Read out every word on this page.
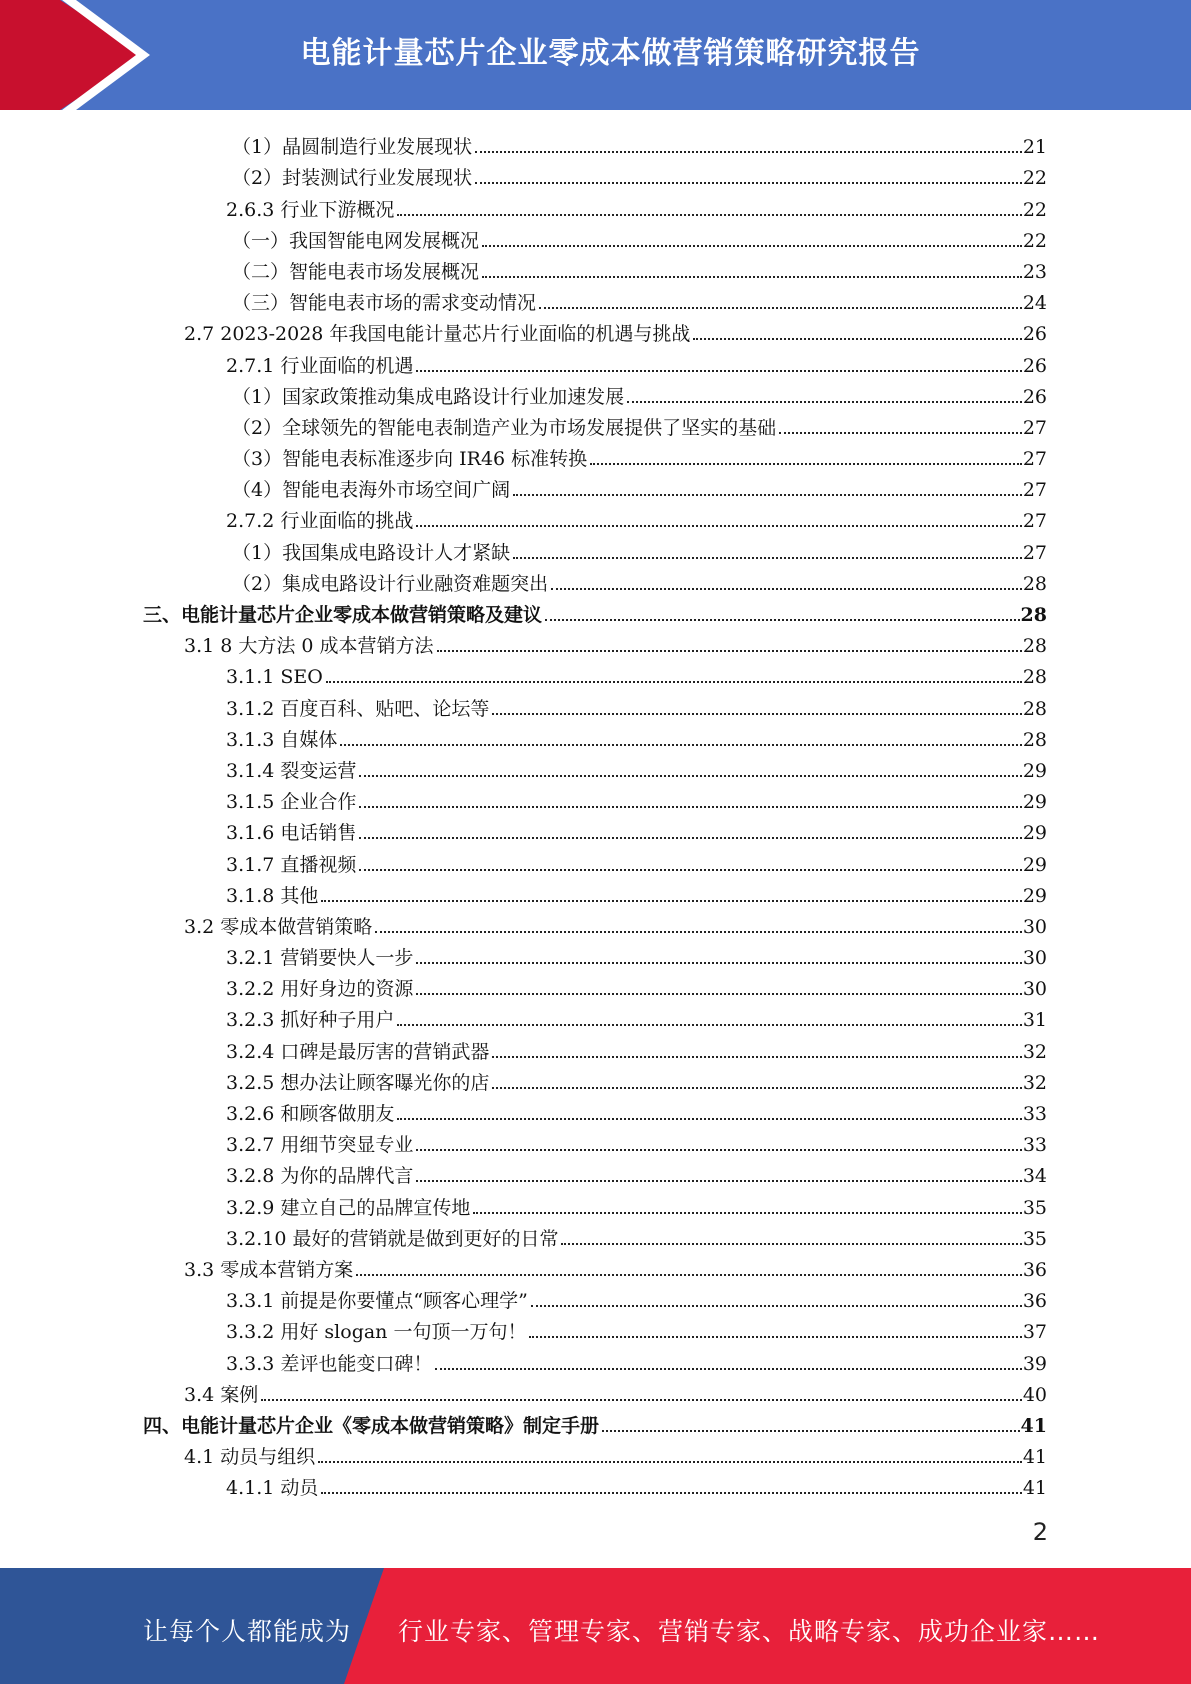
电能计量芯片企业零成本做营销策略研究报告
（1）晶圆制造行业发展现状	21
（2）封装测试行业发展现状	22
2.6.3 行业下游概况	22
（一）我国智能电网发展概况	22
（二）智能电表市场发展概况	23
（三）智能电表市场的需求变动情况	24
2.7 2023-2028 年我国电能计量芯片行业面临的机遇与挑战	26
2.7.1 行业面临的机遇	26
（1）国家政策推动集成电路设计行业加速发展	26
（2）全球领先的智能电表制造产业为市场发展提供了坚实的基础	27
（3）智能电表标准逐步向 IR46 标准转换	27
（4）智能电表海外市场空间广阔	27
2.7.2 行业面临的挑战	27
（1）我国集成电路设计人才紧缺	27
（2）集成电路设计行业融资难题突出	28
三、电能计量芯片企业零成本做营销策略及建议	28
3.1 8 大方法 0 成本营销方法	28
3.1.1 SEO	28
3.1.2 百度百科、贴吧、论坛等	28
3.1.3 自媒体	28
3.1.4 裂变运营	29
3.1.5 企业合作	29
3.1.6 电话销售	29
3.1.7 直播视频	29
3.1.8 其他	29
3.2 零成本做营销策略	30
3.2.1 营销要快人一步	30
3.2.2 用好身边的资源	30
3.2.3 抓好种子用户	31
3.2.4 口碑是最厉害的营销武器	32
3.2.5 想办法让顾客曝光你的店	32
3.2.6 和顾客做朋友	33
3.2.7 用细节突显专业	33
3.2.8 为你的品牌代言	34
3.2.9 建立自己的品牌宣传地	35
3.2.10 最好的营销就是做到更好的日常	35
3.3 零成本营销方案	36
3.3.1 前提是你要懂点“顾客心理学”	36
3.3.2 用好 slogan 一句顶一万句！	37
3.3.3 差评也能变口碑！	39
3.4 案例	40
四、电能计量芯片企业《零成本做营销策略》制定手册	41
4.1 动员与组织	41
4.1.1 动员	41
2
让每个人都能成为 行业专家、管理专家、营销专家、战略专家、成功企业家……
